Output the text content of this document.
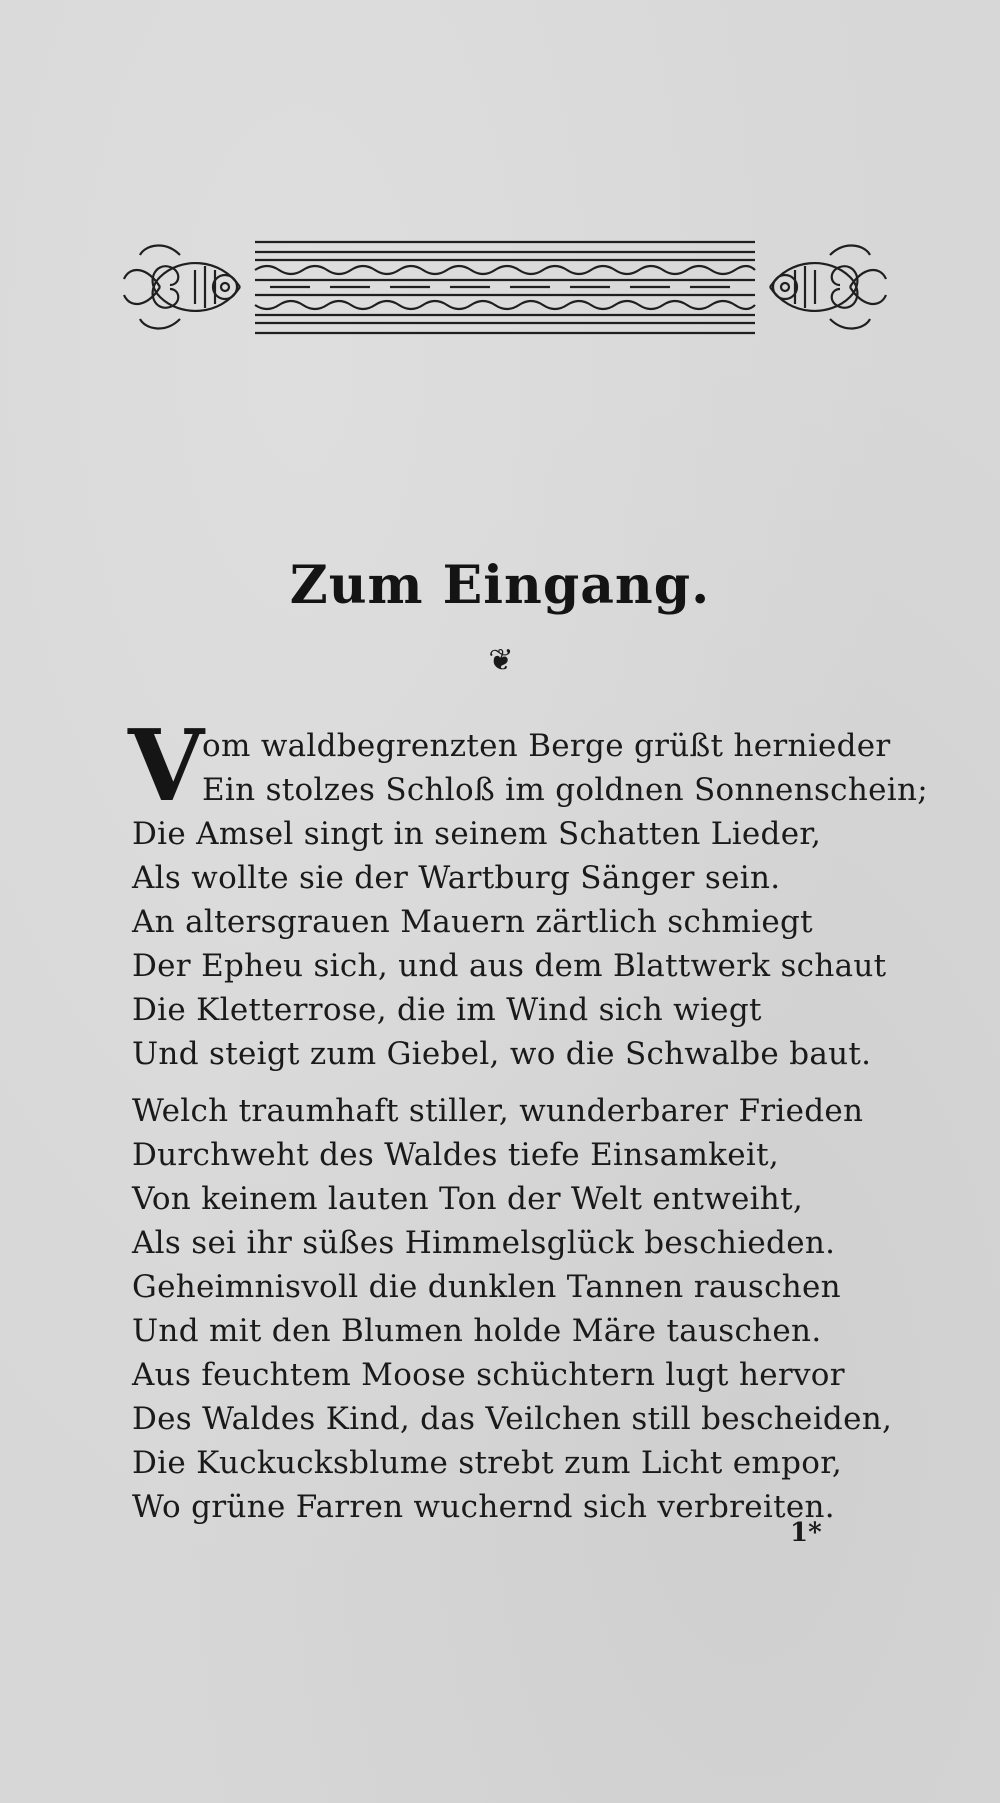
Zum Eingang.
❦
V
om waldbegrenzten Berge grüßt hernieder
Ein stolzes Schloß im goldnen Sonnenschein;
Die Amsel singt in seinem Schatten Lieder,
Als wollte sie der Wartburg Sänger sein.
An altersgrauen Mauern zärtlich schmiegt
Der Epheu sich, und aus dem Blattwerk schaut
Die Kletterrose, die im Wind sich wiegt
Und steigt zum Giebel, wo die Schwalbe baut.
Welch traumhaft stiller, wunderbarer Frieden
Durchweht des Waldes tiefe Einsamkeit,
Von keinem lauten Ton der Welt entweiht,
Als sei ihr süßes Himmelsglück beschieden.
Geheimnisvoll die dunklen Tannen rauschen
Und mit den Blumen holde Märe tauschen.
Aus feuchtem Moose schüchtern lugt hervor
Des Waldes Kind, das Veilchen still bescheiden,
Die Kuckucksblume strebt zum Licht empor,
Wo grüne Farren wuchernd sich verbreiten.
1*
